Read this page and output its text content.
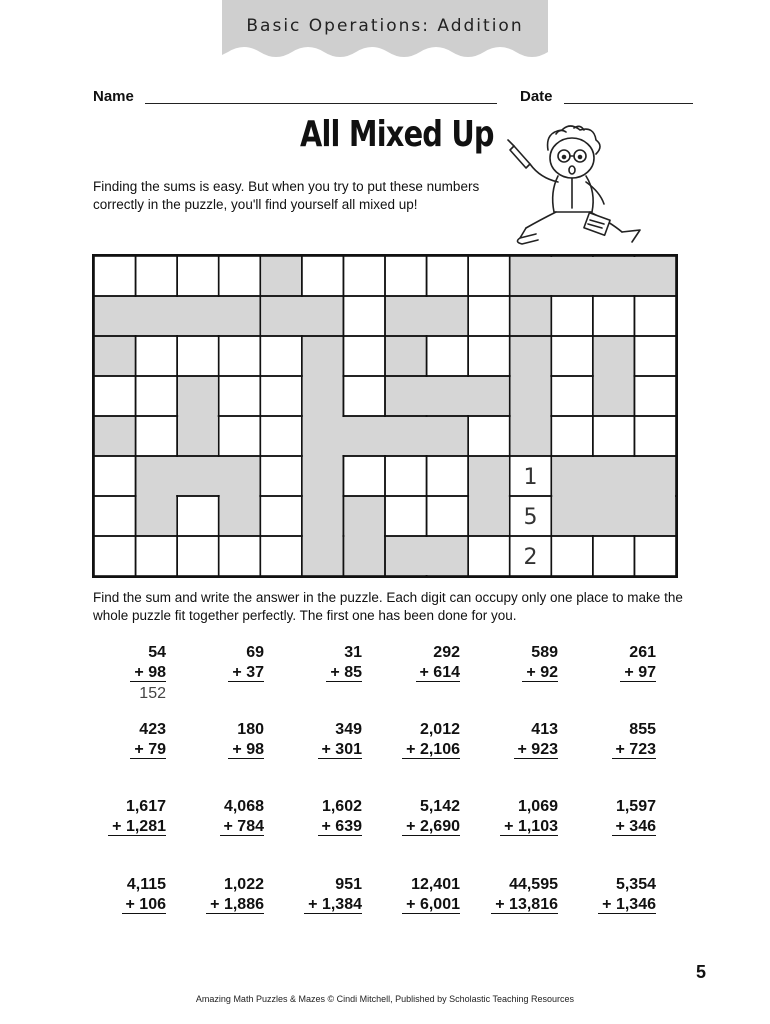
Basic Operations: Addition
Name	Date
All Mixed Up
Finding the sums is easy. But when you try to put these numbers correctly in the puzzle, you'll find yourself all mixed up!
1
5
2
Find the sum and write the answer in the puzzle. Each digit can occupy only one place to make the whole puzzle fit together perfectly. The first one has been done for you.
54
+ 98
152
69
+ 37
31
+ 85
292
+ 614
589
+ 92
261
+ 97
423
+ 79
180
+ 98
349
+ 301
2,012
+ 2,106
413
+ 923
855
+ 723
1,617
+ 1,281
4,068
+ 784
1,602
+ 639
5,142
+ 2,690
1,069
+ 1,103
1,597
+ 346
4,115
+ 106
1,022
+ 1,886
951
+ 1,384
12,401
+ 6,001
44,595
+ 13,816
5,354
+ 1,346
5
Amazing Math Puzzles & Mazes © Cindi Mitchell, Published by Scholastic Teaching Resources
